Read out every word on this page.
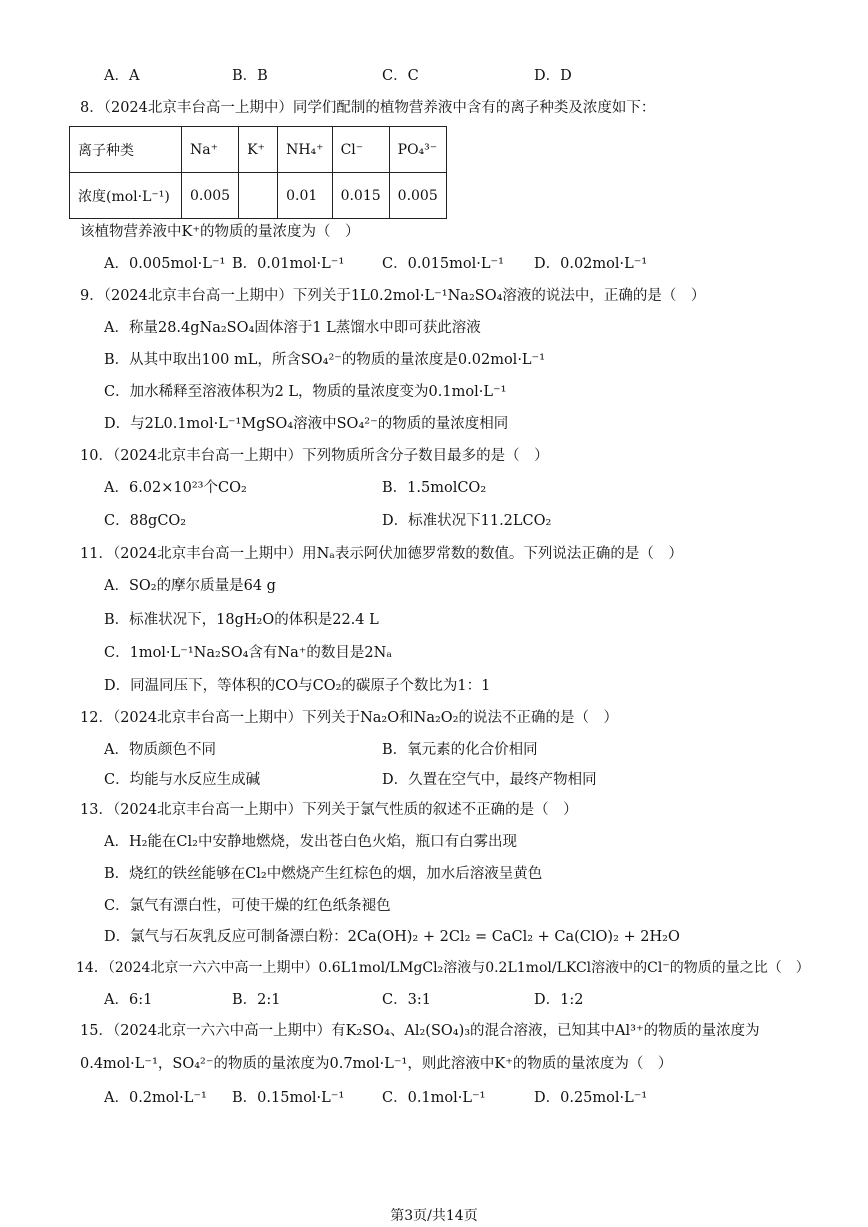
A．A	B．B	C．C	D．D
8．（2024北京丰台高一上期中）同学们配制的植物营养液中含有的离子种类及浓度如下：
离子种类	Na⁺	K⁺	NH₄⁺	Cl⁻	PO₄³⁻
浓度(mol·L⁻¹)	0.005		0.01	0.015	0.005
该植物营养液中K⁺的物质的量浓度为（　）
A．0.005mol·L⁻¹ B．0.01mol·L⁻¹	C．0.015mol·L⁻¹ D．0.02mol·L⁻¹
9．（2024北京丰台高一上期中）下列关于1L0.2mol·L⁻¹Na₂SO₄溶液的说法中，正确的是（　）
A．称量28.4gNa₂SO₄固体溶于1 L蒸馏水中即可获此溶液
B．从其中取出100 mL，所含SO₄²⁻的物质的量浓度是0.02mol·L⁻¹
C．加水稀释至溶液体积为2 L，物质的量浓度变为0.1mol·L⁻¹
D．与2L0.1mol·L⁻¹MgSO₄溶液中SO₄²⁻的物质的量浓度相同
10．（2024北京丰台高一上期中）下列物质所含分子数目最多的是（　）
A．6.02×10²³个CO₂	B．1.5molCO₂
C．88gCO₂	D．标准状况下11.2LCO₂
11．（2024北京丰台高一上期中）用Nₐ表示阿伏加德罗常数的数值。下列说法正确的是（　）
A．SO₂的摩尔质量是64 g
B．标准状况下，18gH₂O的体积是22.4 L
C．1mol·L⁻¹Na₂SO₄含有Na⁺的数目是2Nₐ
D．同温同压下，等体积的CO与CO₂的碳原子个数比为1：1
12．（2024北京丰台高一上期中）下列关于Na₂O和Na₂O₂的说法不正确的是（　）
A．物质颜色不同	B．氧元素的化合价相同
C．均能与水反应生成碱	D．久置在空气中，最终产物相同
13．（2024北京丰台高一上期中）下列关于氯气性质的叙述不正确的是（　）
A．H₂能在Cl₂中安静地燃烧，发出苍白色火焰，瓶口有白雾出现
B．烧红的铁丝能够在Cl₂中燃烧产生红棕色的烟，加水后溶液呈黄色
C．氯气有漂白性，可使干燥的红色纸条褪色
D．氯气与石灰乳反应可制备漂白粉：2Ca(OH)₂ + 2Cl₂ = CaCl₂ + Ca(ClO)₂ + 2H₂O
14．（2024北京一六六中高一上期中）0.6L1mol/LMgCl₂溶液与0.2L1mol/LKCl溶液中的Cl⁻的物质的量之比（　）
A．6:1	B．2:1	C．3:1	D．1:2
15．（2024北京一六六中高一上期中）有K₂SO₄、Al₂(SO₄)₃的混合溶液，已知其中Al³⁺的物质的量浓度为
0.4mol·L⁻¹，SO₄²⁻的物质的量浓度为0.7mol·L⁻¹，则此溶液中K⁺的物质的量浓度为（　）
A．0.2mol·L⁻¹ B．0.15mol·L⁻¹	C．0.1mol·L⁻¹	D．0.25mol·L⁻¹
第3页/共14页
